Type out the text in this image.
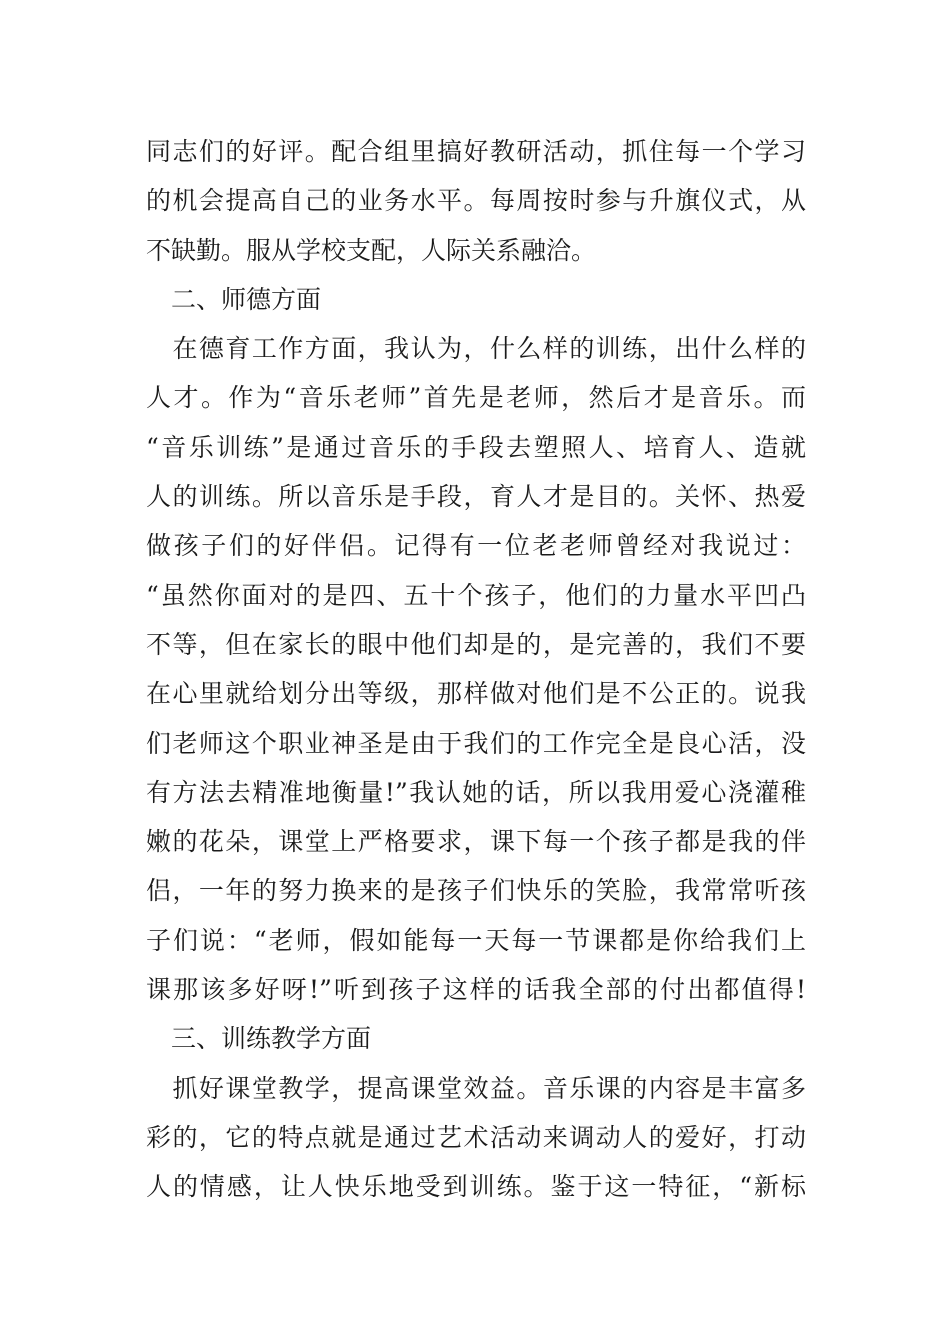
同志们的好评。配合组里搞好教研活动，抓住每一个学习
的机会提高自己的业务水平。每周按时参与升旗仪式，从
不缺勤。服从学校支配，人际关系融洽。
　二、师德方面
　在德育工作方面，我认为，什么样的训练，出什么样的
人才。作为“音乐老师”首先是老师，然后才是音乐。而
“音乐训练”是通过音乐的手段去塑照人、培育人、造就
人的训练。所以音乐是手段，育人才是目的。关怀、热爱
做孩子们的好伴侣。记得有一位老老师曾经对我说过：
“虽然你面对的是四、五十个孩子，他们的力量水平凹凸
不等，但在家长的眼中他们却是的，是完善的，我们不要
在心里就给划分出等级，那样做对他们是不公正的。说我
们老师这个职业神圣是由于我们的工作完全是良心活，没
有方法去精准地衡量!”我认她的话，所以我用爱心浇灌稚
嫩的花朵，课堂上严格要求，课下每一个孩子都是我的伴
侣，一年的努力换来的是孩子们快乐的笑脸，我常常听孩
子们说：“老师，假如能每一天每一节课都是你给我们上
课那该多好呀!”听到孩子这样的话我全部的付出都值得!
　三、训练教学方面
　抓好课堂教学，提高课堂效益。音乐课的内容是丰富多
彩的，它的特点就是通过艺术活动来调动人的爱好，打动
人的情感，让人快乐地受到训练。鉴于这一特征，“新标
